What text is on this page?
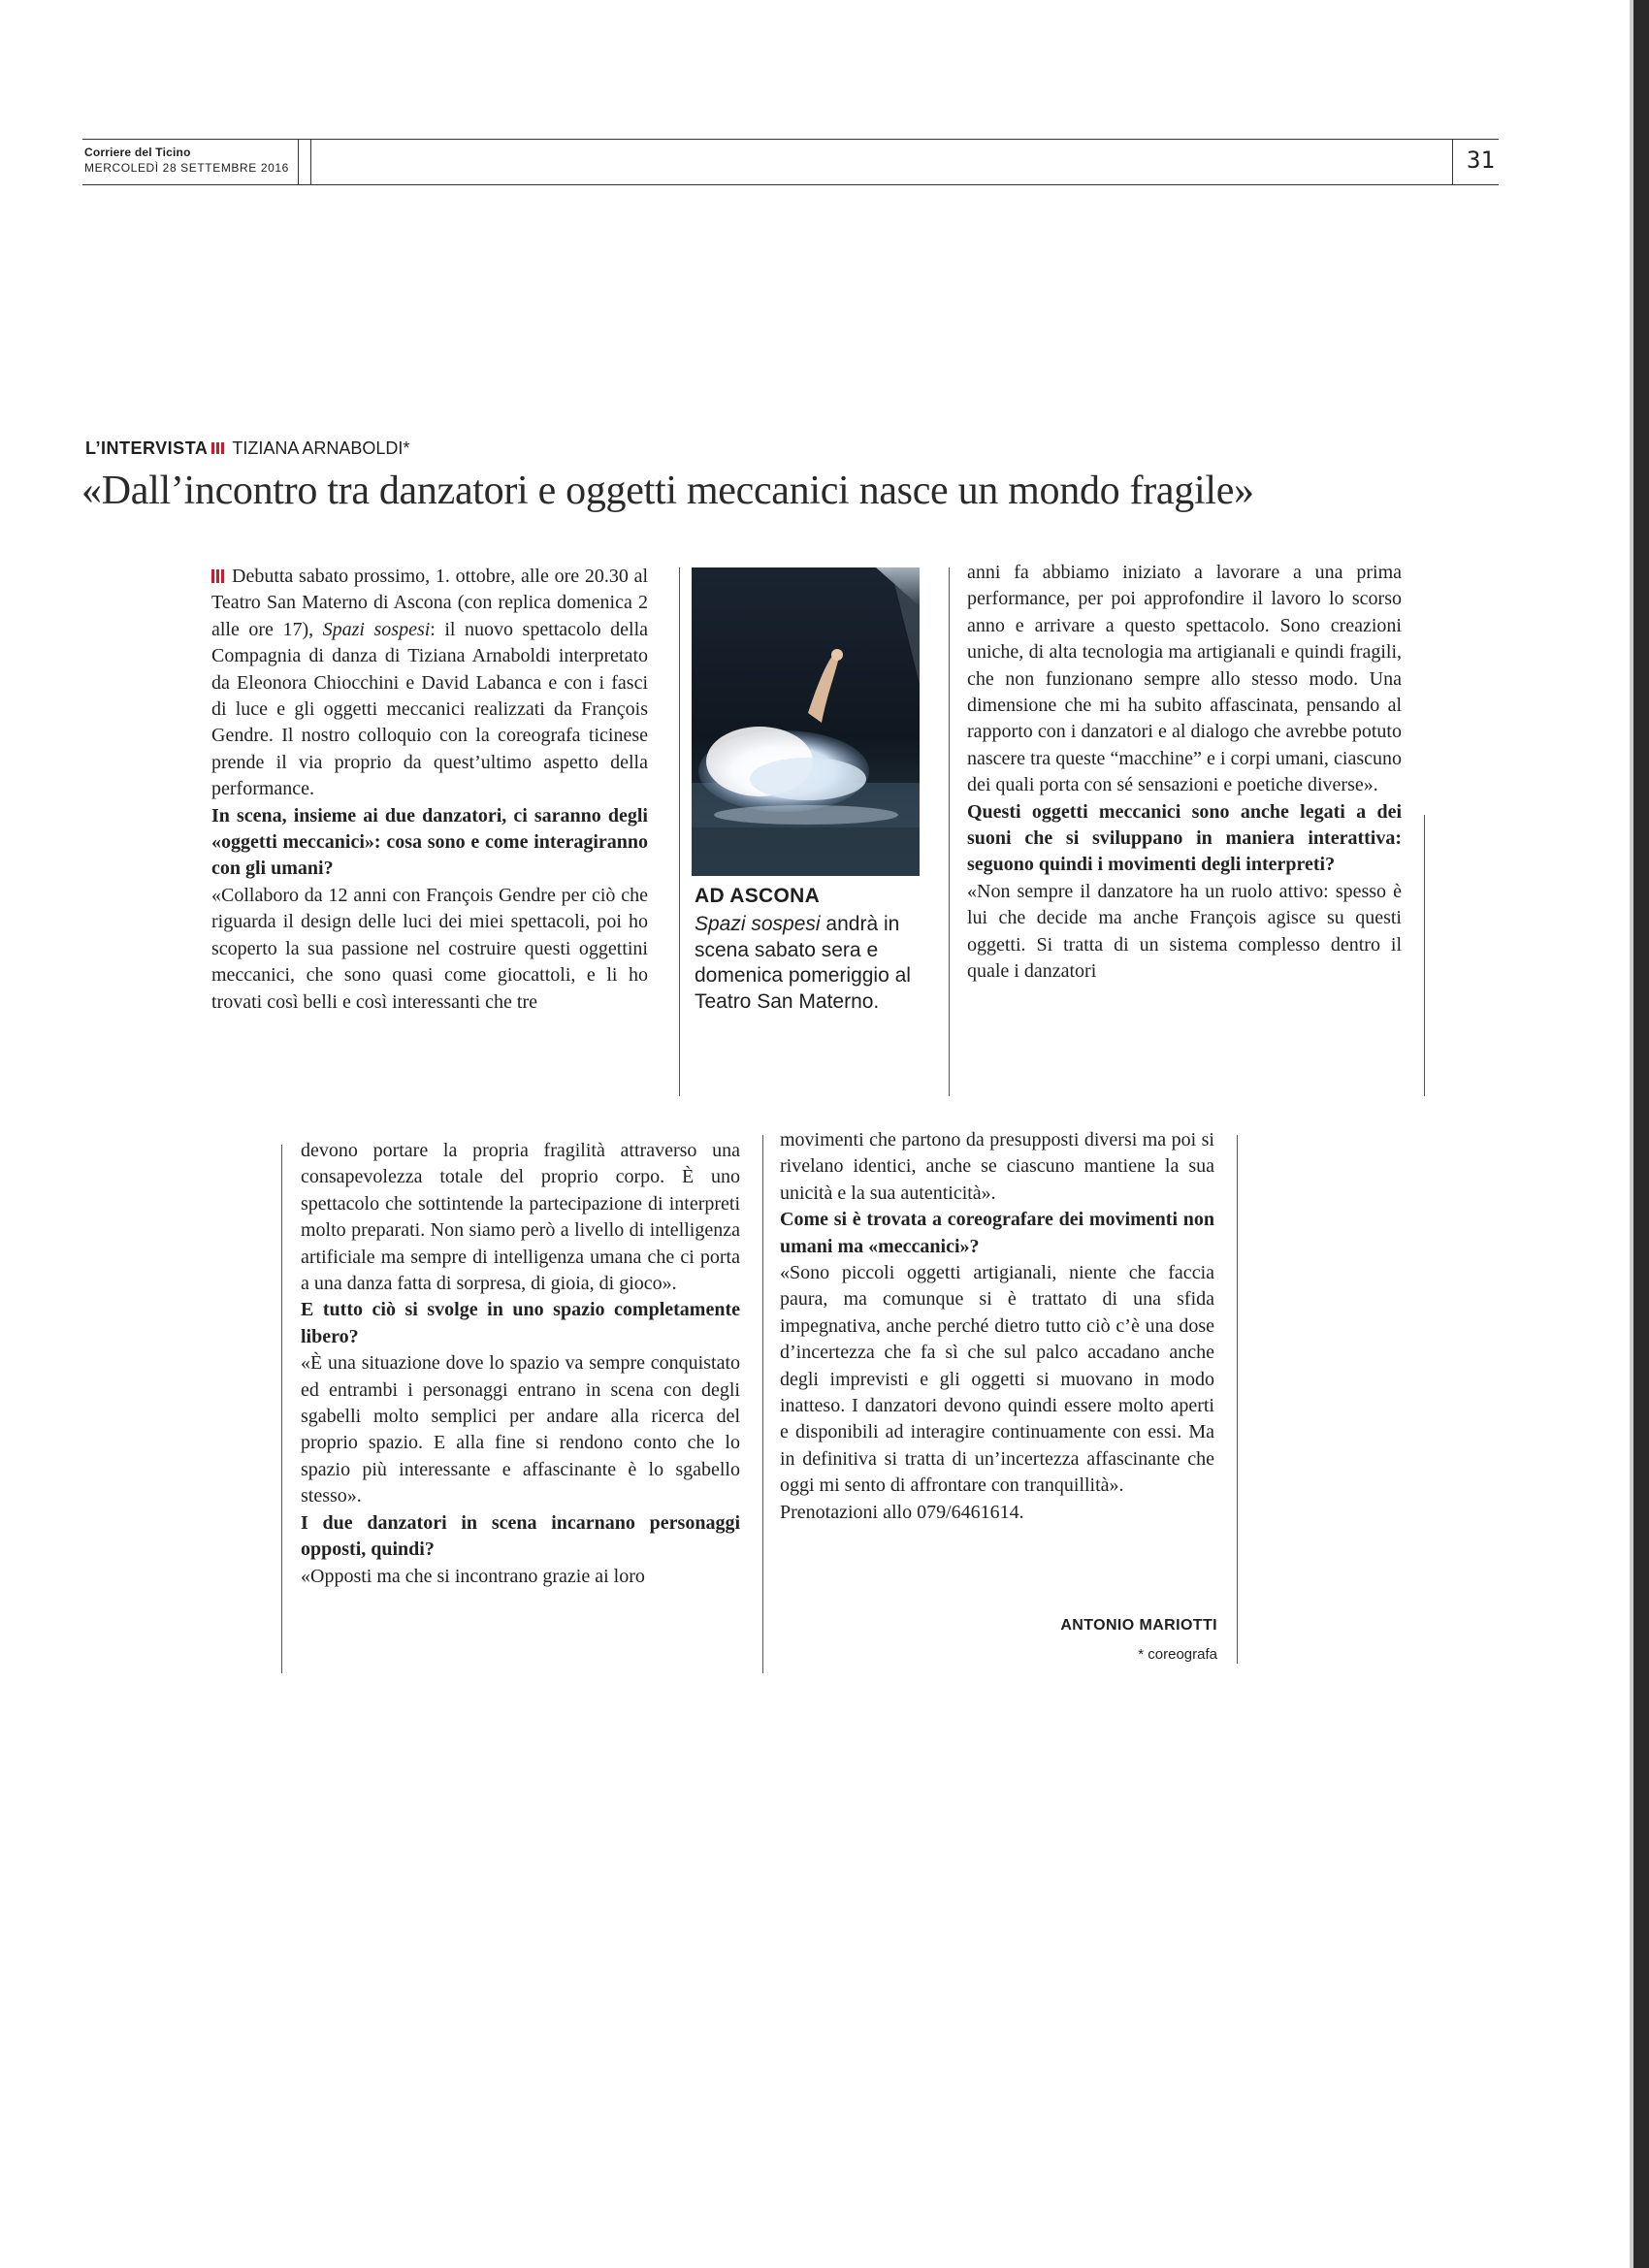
Corriere del Ticino
MERCOLEDÌ 28 SETTEMBRE 2016	31
L’INTERVISTA TIZIANA ARNABOLDI*
«Dall’incontro tra danzatori e oggetti meccanici nasce un mondo fragile»

Debutta sabato prossimo, 1. ottobre, alle ore 20.30 al Teatro San Materno di Ascona (con replica domenica 2 alle ore 17), Spazi sospesi: il nuovo spettacolo della Compagnia di danza di Tiziana Arnaboldi interpretato da Eleonora Chiocchini e David Labanca e con i fasci di luce e gli oggetti meccanici realizzati da François Gendre. Il nostro colloquio con la coreografa ticinese prende il via proprio da quest’ultimo aspetto della performance.

In scena, insieme ai due danzatori, ci saranno degli «oggetti meccanici»: cosa sono e come interagiranno con gli umani?

«Collaboro da 12 anni con François Gendre per ciò che riguarda il design delle luci dei miei spettacoli, poi ho scoperto la sua passione nel costruire questi oggettini meccanici, che sono quasi come giocattoli, e li ho trovati così belli e così interessanti che tre

AD ASCONA
Spazi sospesi andrà in scena sabato sera e domenica pomeriggio al Teatro San Materno.

anni fa abbiamo iniziato a lavorare a una prima performance, per poi approfondire il lavoro lo scorso anno e arrivare a questo spettacolo. Sono creazioni uniche, di alta tecnologia ma artigianali e quindi fragili, che non funzionano sempre allo stesso modo. Una dimensione che mi ha subito affascinata, pensando al rapporto con i danzatori e al dialogo che avrebbe potuto nascere tra queste “macchine” e i corpi umani, ciascuno dei quali porta con sé sensazioni e poetiche diverse».

Questi oggetti meccanici sono anche legati a dei suoni che si sviluppano in maniera interattiva: seguono quindi i movimenti degli interpreti?

«Non sempre il danzatore ha un ruolo attivo: spesso è lui che decide ma anche François agisce su questi oggetti. Si tratta di un sistema complesso dentro il quale i danzatori

devono portare la propria fragilità attraverso una consapevolezza totale del proprio corpo. È uno spettacolo che sottintende la partecipazione di interpreti molto preparati. Non siamo però a livello di intelligenza artificiale ma sempre di intelligenza umana che ci porta a una danza fatta di sorpresa, di gioia, di gioco».

E tutto ciò si svolge in uno spazio completamente libero?

«È una situazione dove lo spazio va sempre conquistato ed entrambi i personaggi entrano in scena con degli sgabelli molto semplici per andare alla ricerca del proprio spazio. E alla fine si rendono conto che lo spazio più interessante e affascinante è lo sgabello stesso».

I due danzatori in scena incarnano personaggi opposti, quindi?

«Opposti ma che si incontrano grazie ai loro

movimenti che partono da presupposti diversi ma poi si rivelano identici, anche se ciascuno mantiene la sua unicità e la sua autenticità».

Come si è trovata a coreografare dei movimenti non umani ma «meccanici»?

«Sono piccoli oggetti artigianali, niente che faccia paura, ma comunque si è trattato di una sfida impegnativa, anche perché dietro tutto ciò c’è una dose d’incertezza che fa sì che sul palco accadano anche degli imprevisti e gli oggetti si muovano in modo inatteso. I danzatori devono quindi essere molto aperti e disponibili ad interagire continuamente con essi. Ma in definitiva si tratta di un’incertezza affascinante che oggi mi sento di affrontare con tranquillità».

Prenotazioni allo 079/6461614.

ANTONIO MARIOTTI
* coreografa
